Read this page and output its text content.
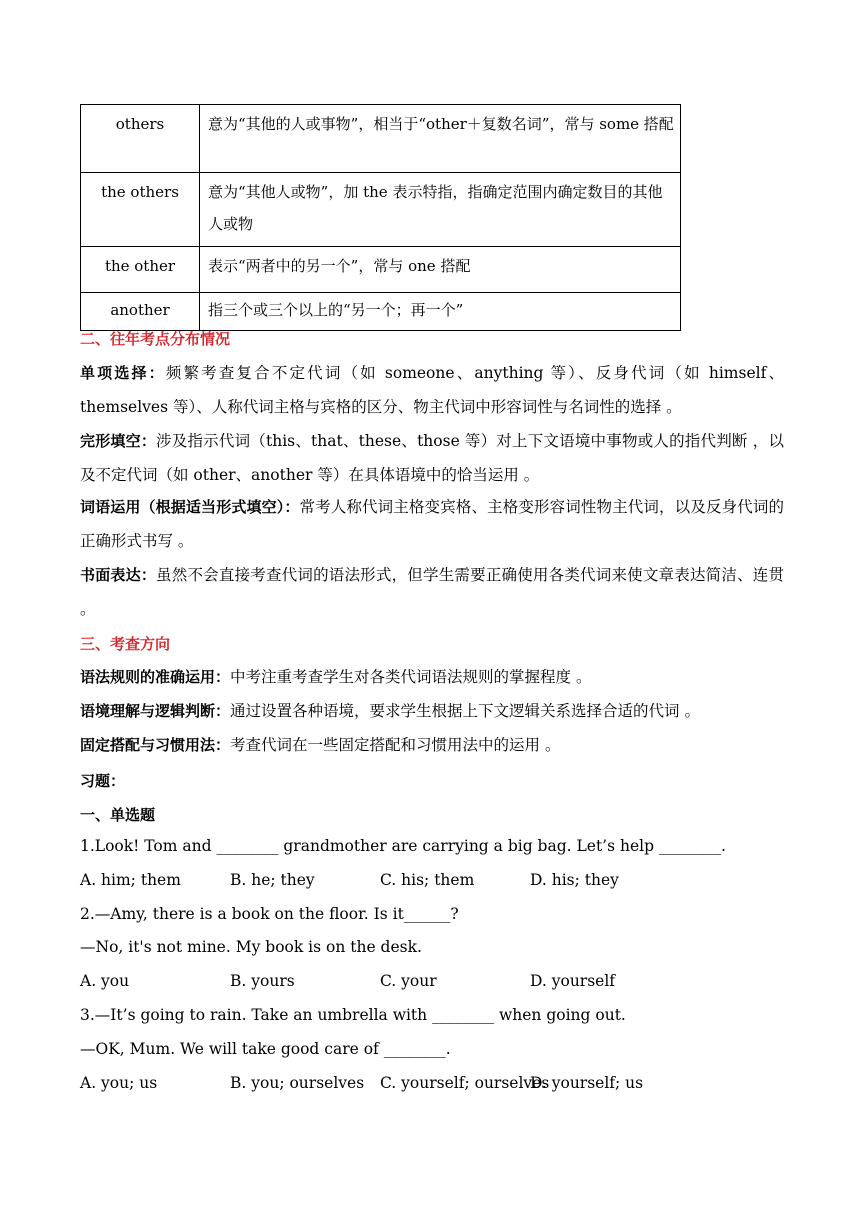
others	意为“其他的人或事物”，相当于“other＋复数名词”，常与 some 搭配
the others	意为“其他人或物”，加 the 表示特指，指确定范围内确定数目的其他人或物
the other	表示“两者中的另一个”，常与 one 搭配
another	指三个或三个以上的“另一个；再一个”
二、往年考点分布情况
单项选择：频繁考查复合不定代词（如 someone、anything 等）、反身代词（如 himself、themselves 等）、人称代词主格与宾格的区分、物主代词中形容词性与名词性的选择 。
完形填空：涉及指示代词（this、that、these、those 等）对上下文语境中事物或人的指代判断 ，以及不定代词（如 other、another 等）在具体语境中的恰当运用 。
词语运用（根据适当形式填空）：常考人称代词主格变宾格、主格变形容词性物主代词，以及反身代词的正确形式书写 。
书面表达：虽然不会直接考查代词的语法形式，但学生需要正确使用各类代词来使文章表达简洁、连贯 。
三、考查方向
语法规则的准确运用：中考注重考查学生对各类代词语法规则的掌握程度 。
语境理解与逻辑判断：通过设置各种语境，要求学生根据上下文逻辑关系选择合适的代词 。
固定搭配与习惯用法：考查代词在一些固定搭配和习惯用法中的运用 。
习题：
一、单选题
1.Look! Tom and ________ grandmother are carrying a big bag. Let’s help ________.
A. him; them	B. he; they	C. his; them	D. his; they
2.—Amy, there is a book on the floor. Is it______?
—No, it's not mine. My book is on the desk.
A. you	B. yours	C. your	D. yourself
3.—It’s going to rain. Take an umbrella with ________ when going out.
—OK, Mum. We will take good care of ________.
A. you; us	B. you; ourselves C. yourself; ourselves
D. yourself; us
